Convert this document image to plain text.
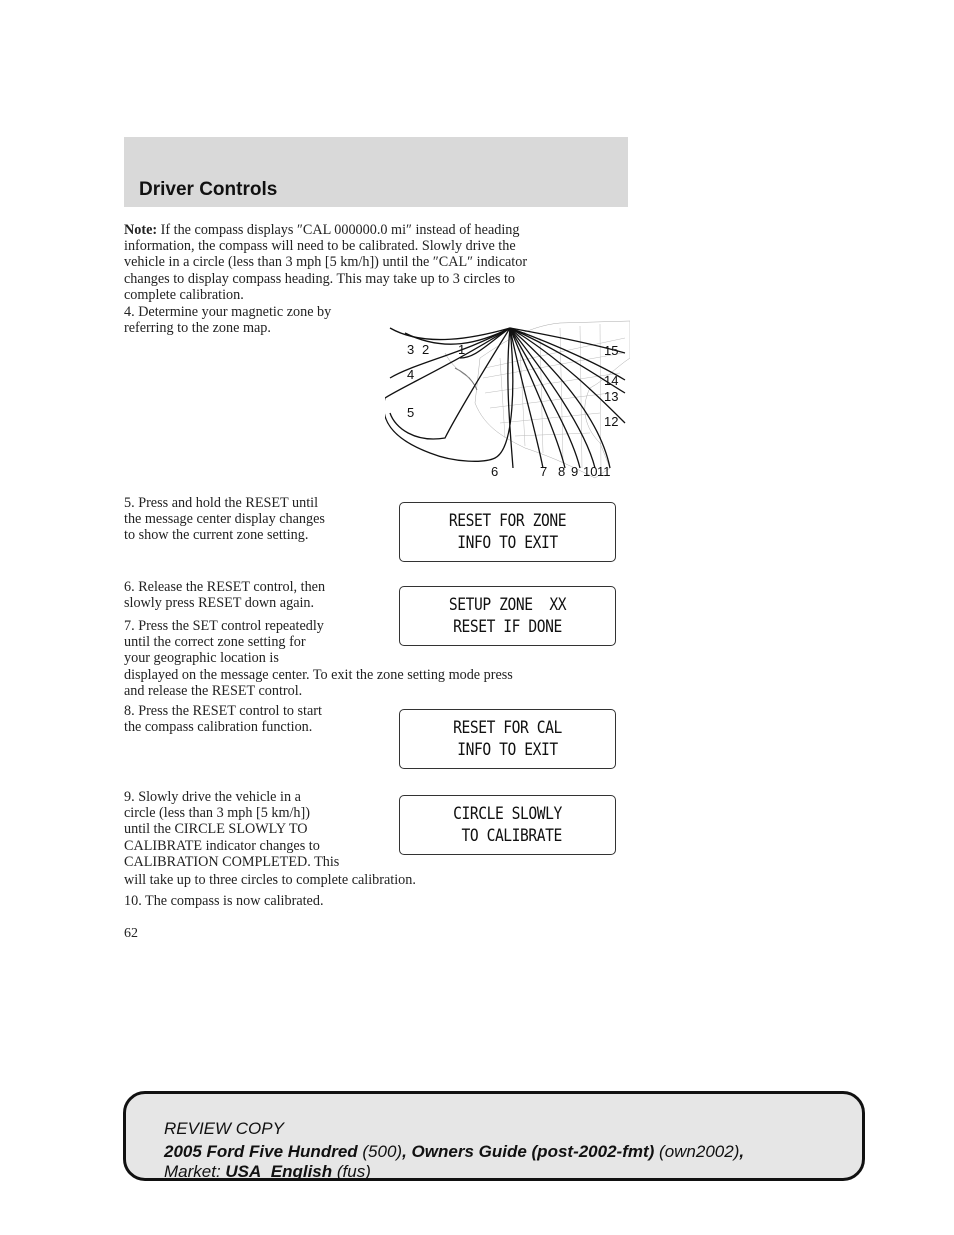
Driver Controls
Note: If the compass displays ″CAL 000000.0 mi″ instead of heading
information, the compass will need to be calibrated. Slowly drive the
vehicle in a circle (less than 3 mph [5 km/h]) until the ″CAL″ indicator
changes to display compass heading. This may take up to 3 circles to
complete calibration.
4. Determine your magnetic zone by
referring to the zone map.
3 2 1
4
5
15
14
13
12
6	7 8 9 10 11
5. Press and hold the RESET until
the message center display changes
to show the current zone setting.
RESET FOR ZONE
INFO TO EXIT
6. Release the RESET control, then
slowly press RESET down again.	SETUP ZONE  XX
RESET IF DONE
7. Press the SET control repeatedly
until the correct zone setting for
your geographic location is
displayed on the message center. To exit the zone setting mode press
and release the RESET control.
8. Press the RESET control to start
the compass calibration function.	RESET FOR CAL
INFO TO EXIT
9. Slowly drive the vehicle in a
circle (less than 3 mph [5 km/h])
until the CIRCLE SLOWLY TO
CALIBRATE indicator changes to
CALIBRATION COMPLETED. This
will take up to three circles to complete calibration.
CIRCLE SLOWLY
TO CALIBRATE
10. The compass is now calibrated.
62
REVIEW COPY
2005 Ford Five Hundred (500), Owners Guide (post-2002-fmt) (own2002),
Market: USA_English (fus)
